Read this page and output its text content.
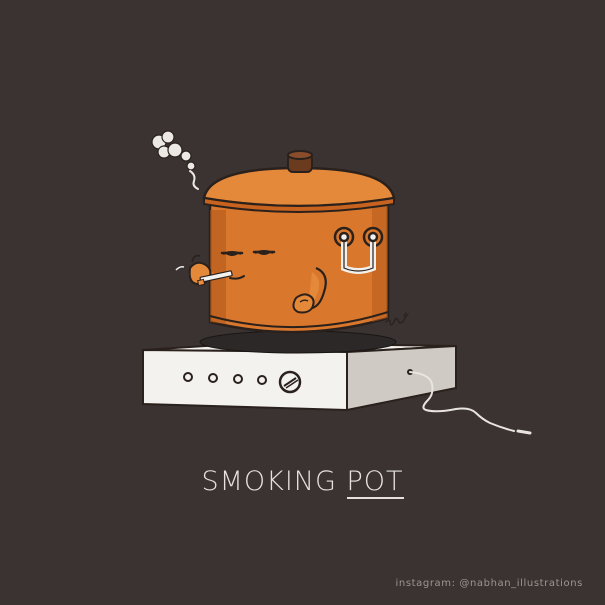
SMOKING POT
instagram: @nabhan_illustrations
